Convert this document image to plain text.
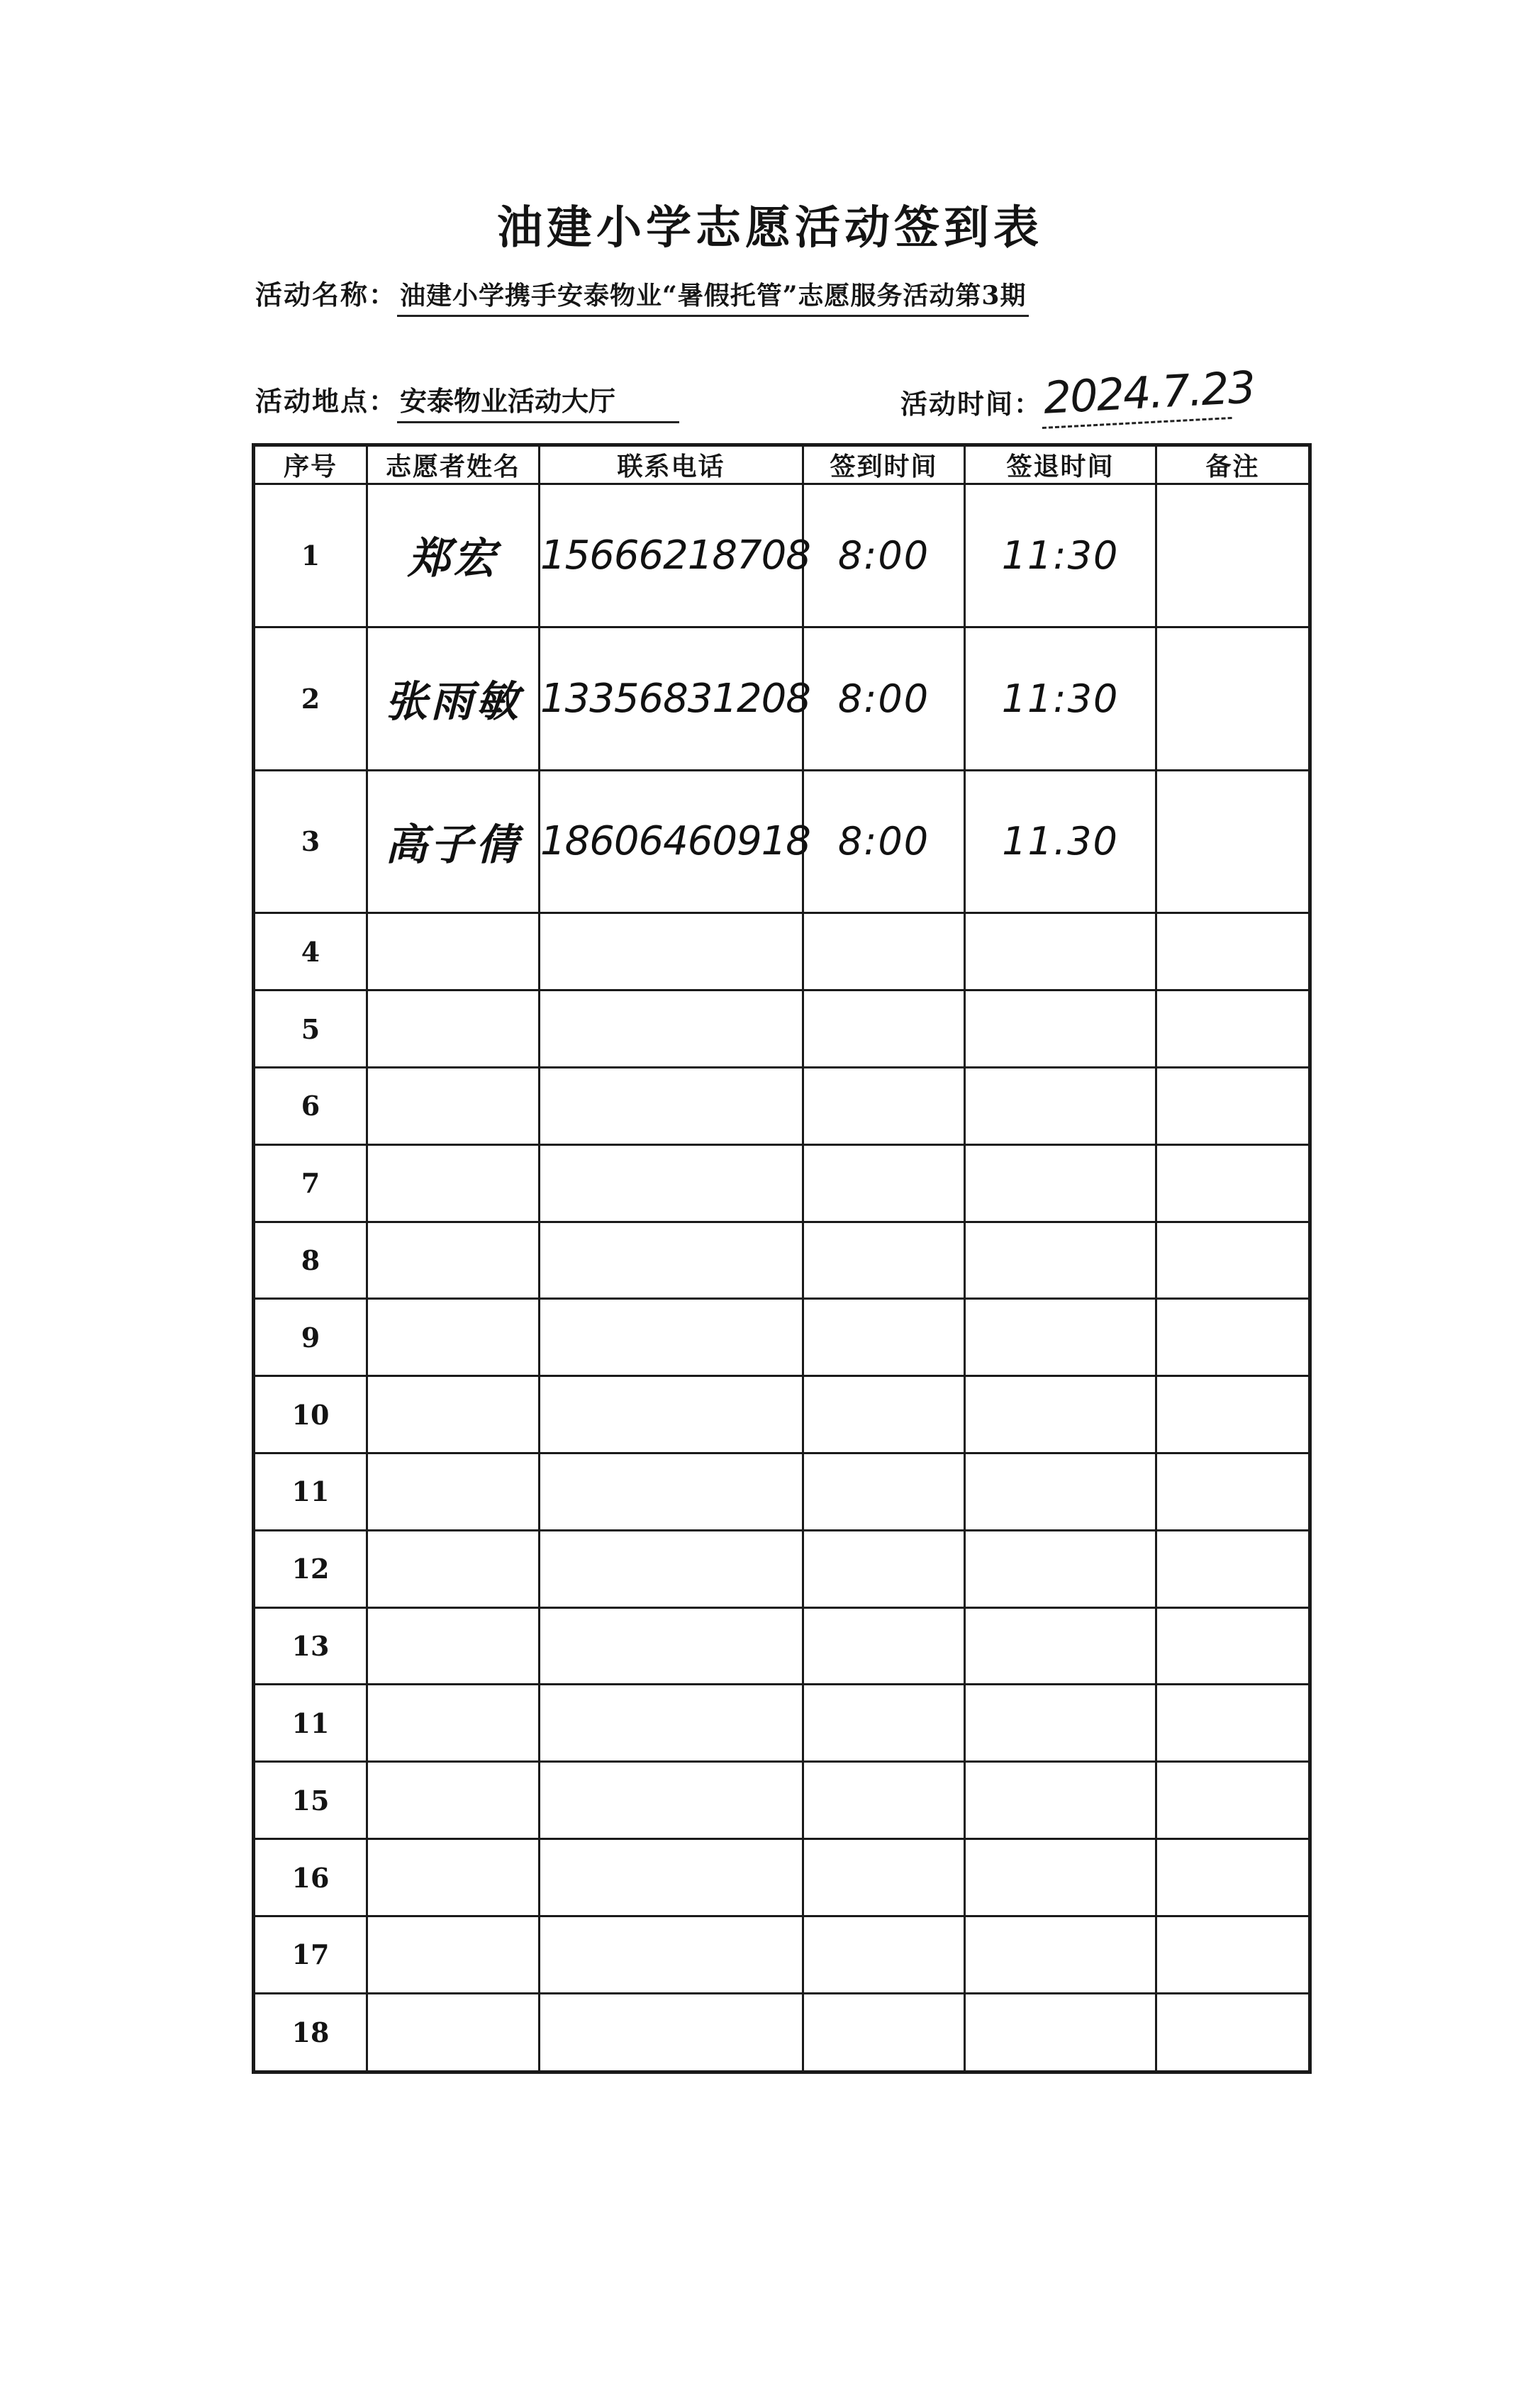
油建小学志愿活动签到表
活动名称： 油建小学携手安泰物业“暑假托管”志愿服务活动第3期
活动地点： 安泰物业活动大厅	活动时间：2024.7.23
序号	志愿者姓名	联系电话	签到时间	签退时间	备注
1	郑宏	15666218708	8:00	11:30	
2	张雨敏	13356831208	8:00	11:30	
3	高子倩	18606460918	8:00	11.30	
4					
5					
6					
7					
8					
9					
10					
11					
12					
13					
11					
15					
16					
17					
18					
